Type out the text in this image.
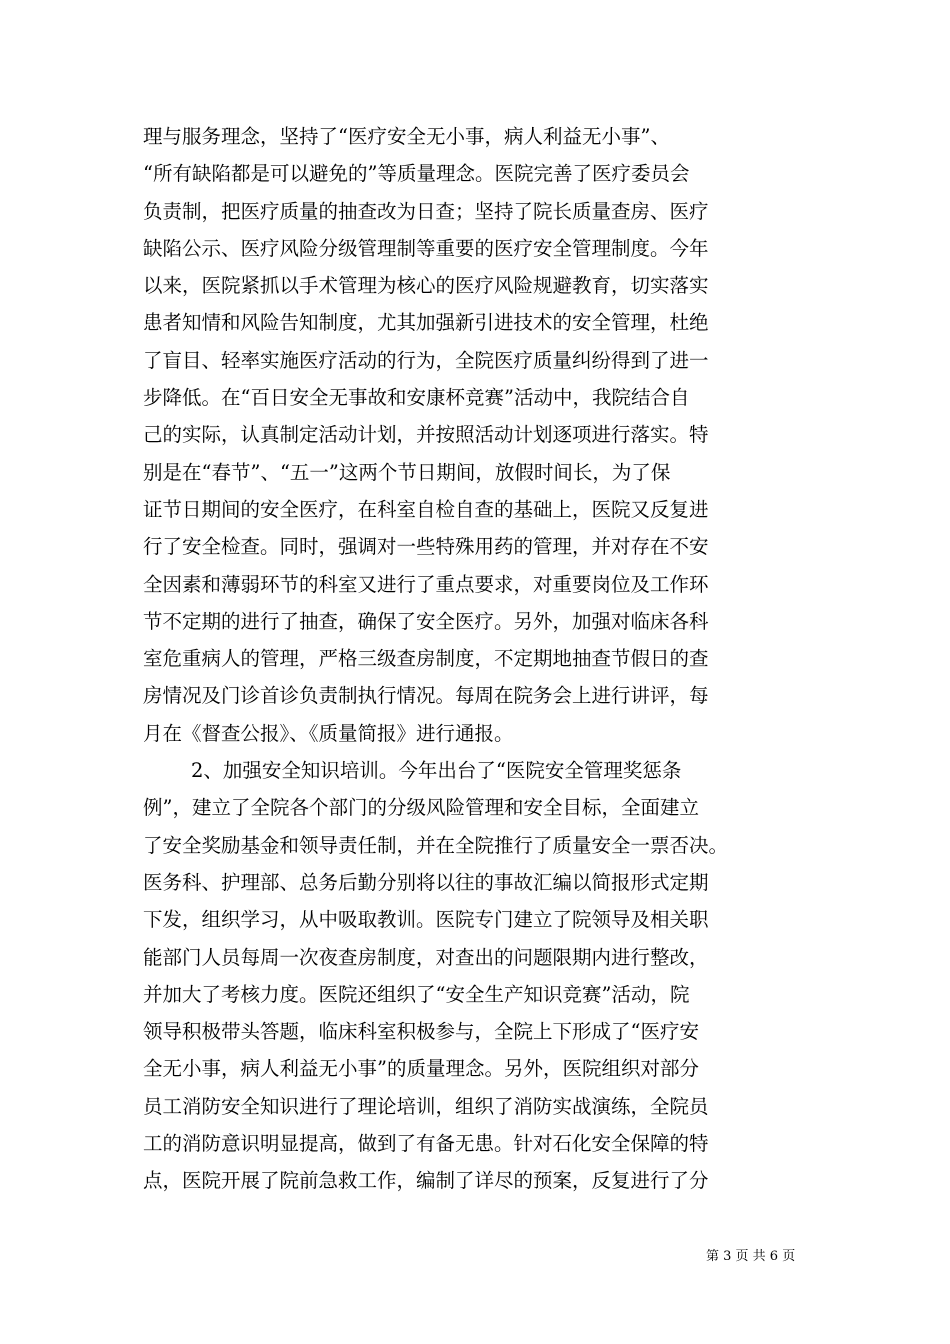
理与服务理念，坚持了“医疗安全无小事，病人利益无小事”、
“所有缺陷都是可以避免的”等质量理念。医院完善了医疗委员会
负责制，把医疗质量的抽查改为日查；坚持了院长质量查房、医疗
缺陷公示、医疗风险分级管理制等重要的医疗安全管理制度。今年
以来，医院紧抓以手术管理为核心的医疗风险规避教育，切实落实
患者知情和风险告知制度，尤其加强新引进技术的安全管理，杜绝
了盲目、轻率实施医疗活动的行为，全院医疗质量纠纷得到了进一
步降低。在“百日安全无事故和安康杯竞赛”活动中，我院结合自
己的实际，认真制定活动计划，并按照活动计划逐项进行落实。特
别是在“春节”、“五一”这两个节日期间，放假时间长，为了保
证节日期间的安全医疗，在科室自检自查的基础上，医院又反复进
行了安全检查。同时，强调对一些特殊用药的管理，并对存在不安
全因素和薄弱环节的科室又进行了重点要求，对重要岗位及工作环
节不定期的进行了抽查，确保了安全医疗。另外，加强对临床各科
室危重病人的管理，严格三级查房制度，不定期地抽查节假日的查
房情况及门诊首诊负责制执行情况。每周在院务会上进行讲评，每
月在《督查公报》、《质量简报》进行通报。
2、加强安全知识培训。今年出台了“医院安全管理奖惩条
例”，建立了全院各个部门的分级风险管理和安全目标，全面建立
了安全奖励基金和领导责任制，并在全院推行了质量安全一票否决。
医务科、护理部、总务后勤分别将以往的事故汇编以简报形式定期
下发，组织学习，从中吸取教训。医院专门建立了院领导及相关职
能部门人员每周一次夜查房制度，对查出的问题限期内进行整改，
并加大了考核力度。医院还组织了“安全生产知识竞赛”活动，院
领导积极带头答题，临床科室积极参与，全院上下形成了“医疗安
全无小事，病人利益无小事”的质量理念。另外，医院组织对部分
员工消防安全知识进行了理论培训，组织了消防实战演练，全院员
工的消防意识明显提高，做到了有备无患。针对石化安全保障的特
点，医院开展了院前急救工作，编制了详尽的预案，反复进行了分
第 3 页 共 6 页
